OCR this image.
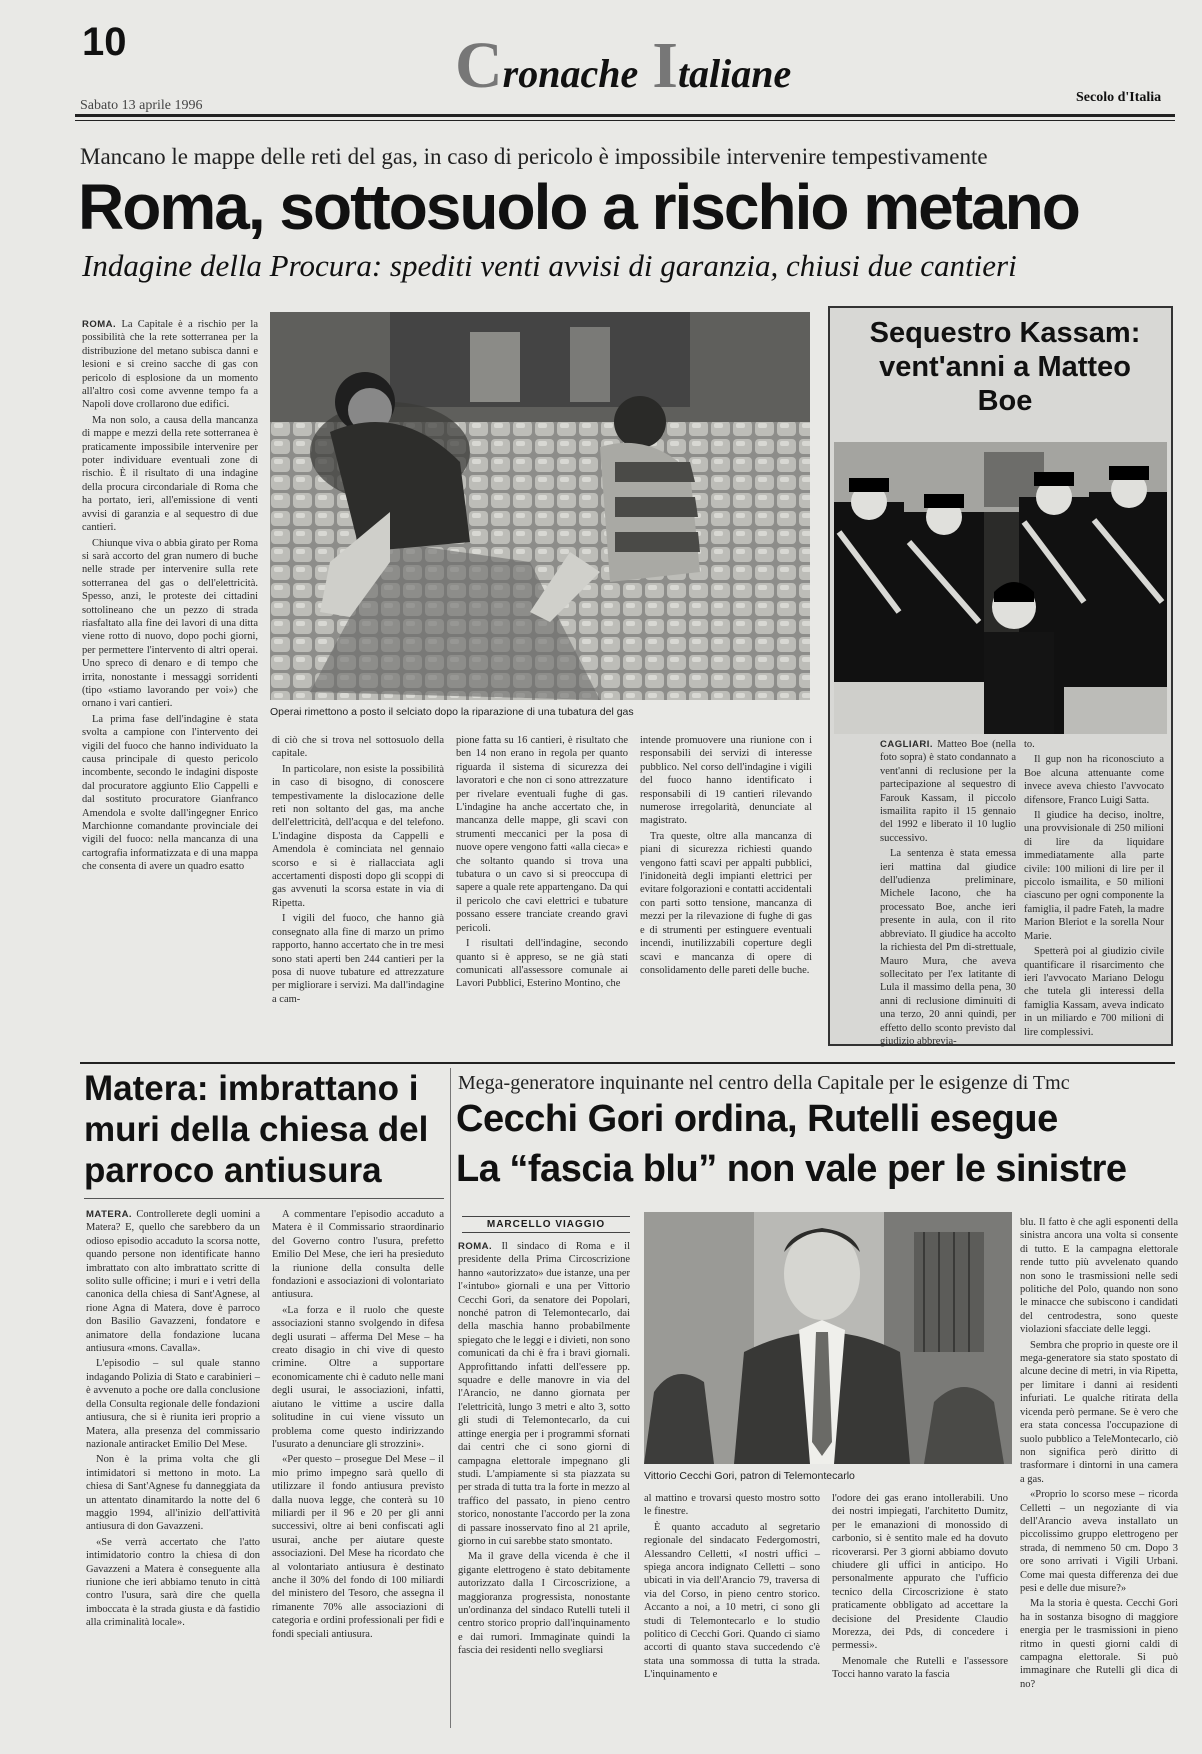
10	Cronache Italiane
Sabato 13 aprile 1996
Secolo d'Italia
Mancano le mappe delle reti del gas, in caso di pericolo è impossibile intervenire tempestivamente
Roma, sottosuolo a rischio metano
Indagine della Procura: spediti venti avvisi di garanzia, chiusi due cantieri

ROMA. La Capitale è a rischio per la possibilità che la rete sotterranea per la distribuzione del metano subisca danni e lesioni e si creino sacche di gas con pericolo di esplosione da un momento all'altro così come avvenne tempo fa a Napoli dove crollarono due edifici.

Ma non solo, a causa della mancanza di mappe e mezzi della rete sotterranea è praticamente impossibile intervenire per poter individuare eventuali zone di rischio. È il risultato di una indagine della procura circondariale di Roma che ha portato, ieri, all'emissione di venti avvisi di garanzia e al sequestro di due cantieri.

Chiunque viva o abbia girato per Roma si sarà accorto del gran numero di buche nelle strade per intervenire sulla rete sotterranea del gas o dell'elettricità. Spesso, anzi, le proteste dei cittadini sottolineano che un pezzo di strada riasfaltato alla fine dei lavori di una ditta viene rotto di nuovo, dopo pochi giorni, per permettere l'intervento di altri operai. Uno spreco di denaro e di tempo che irrita, nonostante i messaggi sorridenti (tipo «stiamo lavorando per voi») che ornano i vari cantieri.

La prima fase dell'indagine è stata svolta a campione con l'intervento dei vigili del fuoco che hanno individuato la causa principale di questo pericolo incombente, secondo le indagini disposte dal procuratore aggiunto Elio Cappelli e dal sostituto procuratore Gianfranco Amendola e svolte dall'ingegner Enrico Marchionne comandante provinciale dei vigili del fuoco: nella mancanza di una cartografia informatizzata e di una mappa che consenta di avere un quadro esatto

Operai rimettono a posto il selciato dopo la riparazione di una tubatura del gas

di ciò che si trova nel sottosuolo della capitale.

In particolare, non esiste la possibilità in caso di bisogno, di conoscere tempestivamente la dislocazione delle reti non soltanto del gas, ma anche dell'elettricità, dell'acqua e del telefono. L'indagine disposta da Cappelli e Amendola è cominciata nel gennaio scorso e si è riallacciata agli accertamenti disposti dopo gli scoppi di gas avvenuti la scorsa estate in via di Ripetta.

I vigili del fuoco, che hanno già consegnato alla fine di marzo un primo rapporto, hanno accertato che in tre mesi sono stati aperti ben 244 cantieri per la posa di nuove tubature ed attrezzature per migliorare i servizi. Ma dall'indagine a cam-

pione fatta su 16 cantieri, è risultato che ben 14 non erano in regola per quanto riguarda il sistema di sicurezza dei lavoratori e che non ci sono attrezzature per rivelare eventuali fughe di gas. L'indagine ha anche accertato che, in mancanza delle mappe, gli scavi con strumenti meccanici per la posa di nuove opere vengono fatti «alla cieca» e che soltanto quando si trova una tubatura o un cavo si si preoccupa di sapere a quale rete appartengano. Da qui il pericolo che cavi elettrici e tubature possano essere tranciate creando gravi pericoli.

I risultati dell'indagine, secondo quanto si è appreso, se ne già stati comunicati all'assessore comunale ai Lavori Pubblici, Esterino Montino, che

intende promuovere una riunione con i responsabili dei servizi di interesse pubblico. Nel corso dell'indagine i vigili del fuoco hanno identificato i responsabili di 19 cantieri rilevando numerose irregolarità, denunciate al magistrato.

Tra queste, oltre alla mancanza di piani di sicurezza richiesti quando vengono fatti scavi per appalti pubblici, l'inidoneità degli impianti elettrici per evitare folgorazioni e contatti accidentali con parti sotto tensione, mancanza di mezzi per la rilevazione di fughe di gas e di strumenti per estinguere eventuali incendi, inutilizzabili coperture degli scavi e mancanza di opere di consolidamento delle pareti delle buche.

Sequestro Kassam: vent'anni a Matteo Boe

CAGLIARI. Matteo Boe (nella foto sopra) è stato condannato a vent'anni di reclusione per la partecipazione al sequestro di Farouk Kassam, il piccolo ismailita rapito il 15 gennaio del 1992 e liberato il 10 luglio successivo.

La sentenza è stata emessa ieri mattina dal giudice dell'udienza preliminare, Michele Iacono, che ha processato Boe, anche ieri presente in aula, con il rito abbreviato. Il giudice ha accolto la richiesta del Pm di-strettuale, Mauro Mura, che aveva sollecitato per l'ex latitante di Lula il massimo della pena, 30 anni di reclusione diminuiti di una terzo, 20 anni quindi, per effetto dello sconto previsto dal giudizio abbrevia-

to.

Il gup non ha riconosciuto a Boe alcuna attenuante come invece aveva chiesto l'avvocato difensore, Franco Luigi Satta.

Il giudice ha deciso, inoltre, una provvisionale di 250 milioni di lire da liquidare immediatamente alla parte civile: 100 milioni di lire per il piccolo ismailita, e 50 milioni ciascuno per ogni componente la famiglia, il padre Fateh, la madre Marion Bleriot e la sorella Nour Marie.

Spetterà poi al giudizio civile quantificare il risarcimento che ieri l'avvocato Mariano Delogu che tutela gli interessi della famiglia Kassam, aveva indicato in un miliardo e 700 milioni di lire complessivi.

Matera: imbrattano i muri della chiesa del parroco antiusura

MATERA. Controllerete degli uomini a Matera? E, quello che sarebbero da un odioso episodio accaduto la scorsa notte, quando persone non identificate hanno imbrattato con alto imbrattato scritte di solito sulle officine; i muri e i vetri della canonica della chiesa di Sant'Agnese, al rione Agna di Matera, dove è parroco don Basilio Gavazzeni, fondatore e animatore della fondazione lucana antiusura «mons. Cavalla».

L'episodio – sul quale stanno indagando Polizia di Stato e carabinieri – è avvenuto a poche ore dalla conclusione della Consulta regionale delle fondazioni antiusura, che si è riunita ieri proprio a Matera, alla presenza del commissario nazionale antiracket Emilio Del Mese.

Non è la prima volta che gli intimidatori si mettono in moto. La chiesa di Sant'Agnese fu danneggiata da un attentato dinamitardo la notte del 6 maggio 1994, all'inizio dell'attività antiusura di don Gavazzeni.

«Se verrà accertato che l'atto intimidatorio contro la chiesa di don Gavazzeni a Matera è conseguente alla riunione che ieri abbiamo tenuto in città contro l'usura, sarà dire che quella imboccata è la strada giusta e dà fastidio alla criminalità locale».

A commentare l'episodio accaduto a Matera è il Commissario straordinario del Governo contro l'usura, prefetto Emilio Del Mese, che ieri ha presieduto la riunione della consulta delle fondazioni e associazioni di volontariato antiusura.

«La forza e il ruolo che queste associazioni stanno svolgendo in difesa degli usurati – afferma Del Mese – ha creato disagio in chi vive di questo crimine. Oltre a supportare economicamente chi è caduto nelle mani degli usurai, le associazioni, infatti, aiutano le vittime a uscire dalla solitudine in cui viene vissuto un problema come questo indirizzando l'usurato a denunciare gli strozzini».

«Per questo – prosegue Del Mese – il mio primo impegno sarà quello di utilizzare il fondo antiusura previsto dalla nuova legge, che conterà su 10 miliardi per il 96 e 20 per gli anni successivi, oltre ai beni confiscati agli usurai, anche per aiutare queste associazioni. Del Mese ha ricordato che al volontariato antiusura è destinato anche il 30% del fondo di 100 miliardi del ministero del Tesoro, che assegna il rimanente 70% alle associazioni di categoria e ordini professionali per fidi e fondi speciali antiusura.

Mega-generatore inquinante nel centro della Capitale per le esigenze di Tmc
Cecchi Gori ordina, Rutelli esegue
La “fascia blu” non vale per le sinistre
MARCELLO VIAGGIO

ROMA. Il sindaco di Roma e il presidente della Prima Circoscrizione hanno «autorizzato» due istanze, una per l'«intubo» giornali e una per Vittorio Cecchi Gori, da senatore dei Popolari, nonché patron di Telemontecarlo, dai della maschia hanno probabilmente spiegato che le leggi e i divieti, non sono comunicati da chi è fra i bravi giornali. Approfittando infatti dell'essere pp. squadre e delle manovre in via del l'Arancio, ne danno giornata per l'elettricità, lungo 3 metri e alto 3, sotto gli studi di Telemontecarlo, da cui attinge energia per i programmi sfornati dai centri che ci sono giorni di campagna elettorale impegnano gli studi. L'ampiamente si sta piazzata su per strada di tutta tra la forte in mezzo al traffico del passato, in pieno centro storico, nonostante l'accordo per la zona di passare inosservato fino al 21 aprile, giorno in cui sarebbe stato smontato.

Ma il grave della vicenda è che il gigante elettrogeno è stato debitamente autorizzato dalla I Circoscrizione, a maggioranza progressista, nonostante un'ordinanza del sindaco Rutelli tuteli il centro storico proprio dall'inquinamento e dai rumori. Immaginate quindi la fascia dei residenti nello svegliarsi

Vittorio Cecchi Gori, patron di Telemontecarlo

al mattino e trovarsi questo mostro sotto le finestre.

È quanto accaduto al segretario regionale del sindacato Federgomostri, Alessandro Celletti, «I nostri uffici – spiega ancora indignato Celletti – sono ubicati in via dell'Arancio 79, traversa di via del Corso, in pieno centro storico. Accanto a noi, a 10 metri, ci sono gli studi di Telemontecarlo e lo studio politico di Cecchi Gori. Quando ci siamo accorti di quanto stava succedendo c'è stata una sommossa di tutta la strada. L'inquinamento e

l'odore dei gas erano intollerabili. Uno dei nostri impiegati, l'architetto Dumitz, per le emanazioni di monossido di carbonio, si è sentito male ed ha dovuto ricoverarsi. Per 3 giorni abbiamo dovuto chiudere gli uffici in anticipo. Ho personalmente appurato che l'ufficio tecnico della Circoscrizione è stato praticamente obbligato ad accettare la decisione del Presidente Claudio Morezza, dei Pds, di concedere i permessi».

Menomale che Rutelli e l'assessore Tocci hanno varato la fascia

blu. Il fatto è che agli esponenti della sinistra ancora una volta si consente di tutto. E la campagna elettorale rende tutto più avvelenato quando non sono le trasmissioni nelle sedi politiche del Polo, quando non sono le minacce che subiscono i candidati del centrodestra, sono queste violazioni sfacciate delle leggi.

Sembra che proprio in queste ore il mega-generatore sia stato spostato di alcune decine di metri, in via Ripetta, per limitare i danni ai residenti infuriati. Le qualche ritirata della vicenda però permane. Se è vero che era stata concessa l'occupazione di suolo pubblico a TeleMontecarlo, ciò non significa però diritto di trasformare i dintorni in una camera a gas.

«Proprio lo scorso mese – ricorda Celletti – un negoziante di via dell'Arancio aveva installato un piccolissimo gruppo elettrogeno per strada, di nemmeno 50 cm. Dopo 3 ore sono arrivati i Vigili Urbani. Come mai questa differenza dei due pesi e delle due misure?»

Ma la storia è questa. Cecchi Gori ha in sostanza bisogno di maggiore energia per le trasmissioni in pieno ritmo in questi giorni caldi di campagna elettorale. Si può immaginare che Rutelli gli dica di no?
